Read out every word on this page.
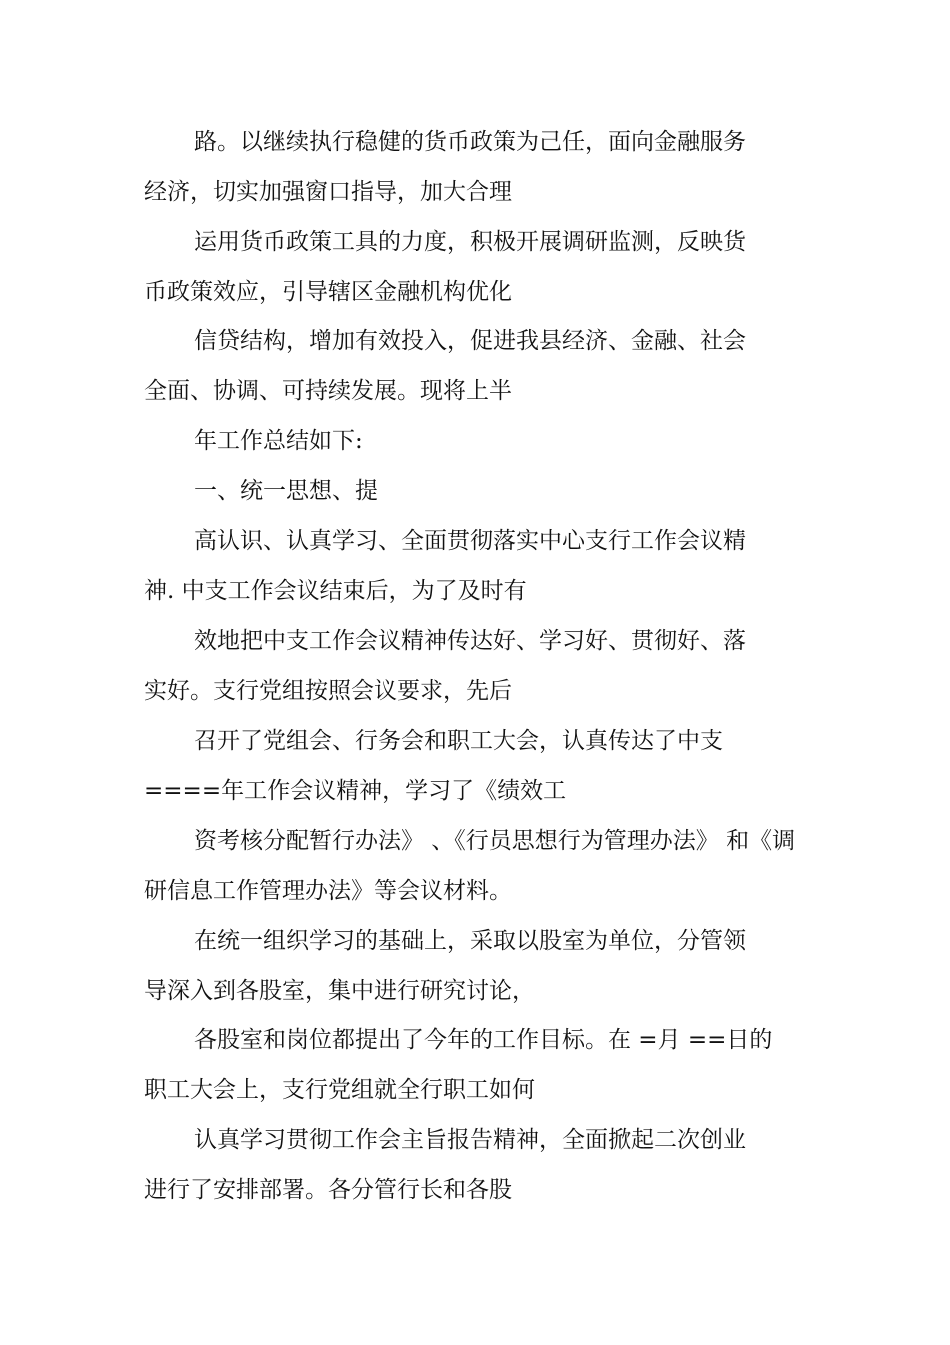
路。以继续执行稳健的货币政策为己任，面向金融服务
经济，切实加强窗口指导，加大合理
运用货币政策工具的力度，积极开展调研监测，反映货
币政策效应，引导辖区金融机构优化
信贷结构，增加有效投入，促进我县经济、金融、社会
全面、协调、可持续发展。现将上半
年工作总结如下:
一、统一思想、提
高认识、认真学习、全面贯彻落实中心支行工作会议精
神. 中支工作会议结束后，为了及时有
效地把中支工作会议精神传达好、学习好、贯彻好、落
实好。支行党组按照会议要求，先后
召开了党组会、行务会和职工大会，认真传达了中支
====年工作会议精神，学习了《绩效工
资考核分配暂行办法》 、《行员思想行为管理办法》 和《调
研信息工作管理办法》等会议材料。
在统一组织学习的基础上，采取以股室为单位，分管领
导深入到各股室，集中进行研究讨论，
各股室和岗位都提出了今年的工作目标。在 =月 ==日的
职工大会上，支行党组就全行职工如何
认真学习贯彻工作会主旨报告精神，全面掀起二次创业
进行了安排部署。各分管行长和各股
